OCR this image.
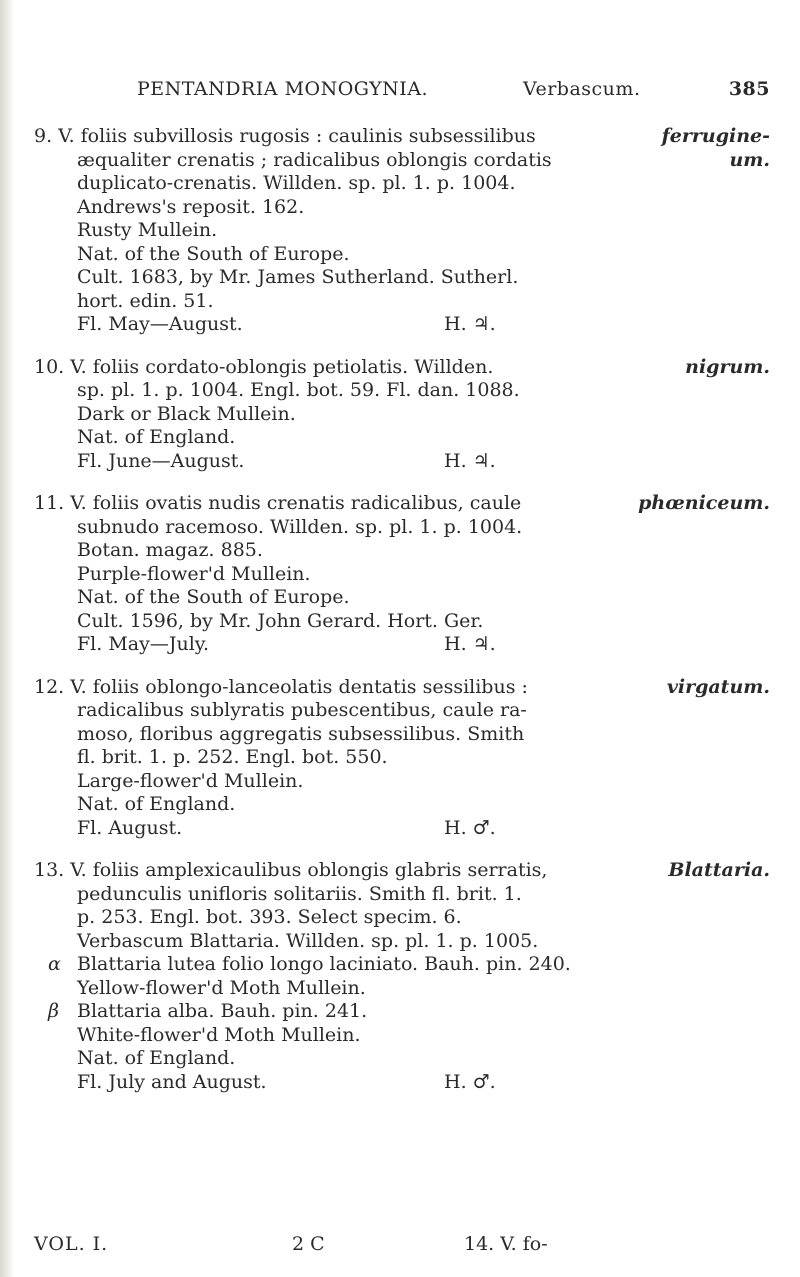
PENTANDRIA MONOGYNIA.	Verbascum.	385
9. V. foliis subvillosis rugosis : caulinis subsessilibus	ferrugine-
æqualiter crenatis ; radicalibus oblongis cordatis	um.
duplicato-crenatis. Willden. sp. pl. 1. p. 1004.
Andrews's reposit. 162.
Rusty Mullein.
Nat. of the South of Europe.
Cult. 1683, by Mr. James Sutherland. Sutherl.
hort. edin. 51.
Fl. May—August.	H. ♃.
10. V. foliis cordato-oblongis petiolatis. Willden.	nigrum.
sp. pl. 1. p. 1004. Engl. bot. 59. Fl. dan. 1088.
Dark or Black Mullein.
Nat. of England.
Fl. June—August.	H. ♃.
11. V. foliis ovatis nudis crenatis radicalibus, caule	phœniceum.
subnudo racemoso. Willden. sp. pl. 1. p. 1004.
Botan. magaz. 885.
Purple-flower'd Mullein.
Nat. of the South of Europe.
Cult. 1596, by Mr. John Gerard. Hort. Ger.
Fl. May—July.	H. ♃.
12. V. foliis oblongo-lanceolatis dentatis sessilibus :	virgatum.
radicalibus sublyratis pubescentibus, caule ra-
moso, floribus aggregatis subsessilibus. Smith
fl. brit. 1. p. 252. Engl. bot. 550.
Large-flower'd Mullein.
Nat. of England.
Fl. August.	H. ♂.
13. V. foliis amplexicaulibus oblongis glabris serratis,	Blattaria.
pedunculis unifloris solitariis. Smith fl. brit. 1.
p. 253. Engl. bot. 393. Select specim. 6.
Verbascum Blattaria. Willden. sp. pl. 1. p. 1005.
Blattaria lutea folio longo laciniato. Bauh. pin. 240.
α
Yellow-flower'd Moth Mullein.
Blattaria alba. Bauh. pin. 241.
β
White-flower'd Moth Mullein.
Nat. of England.
Fl. July and August.	H. ♂.
VOL. I.	2 C	14. V. fo-
